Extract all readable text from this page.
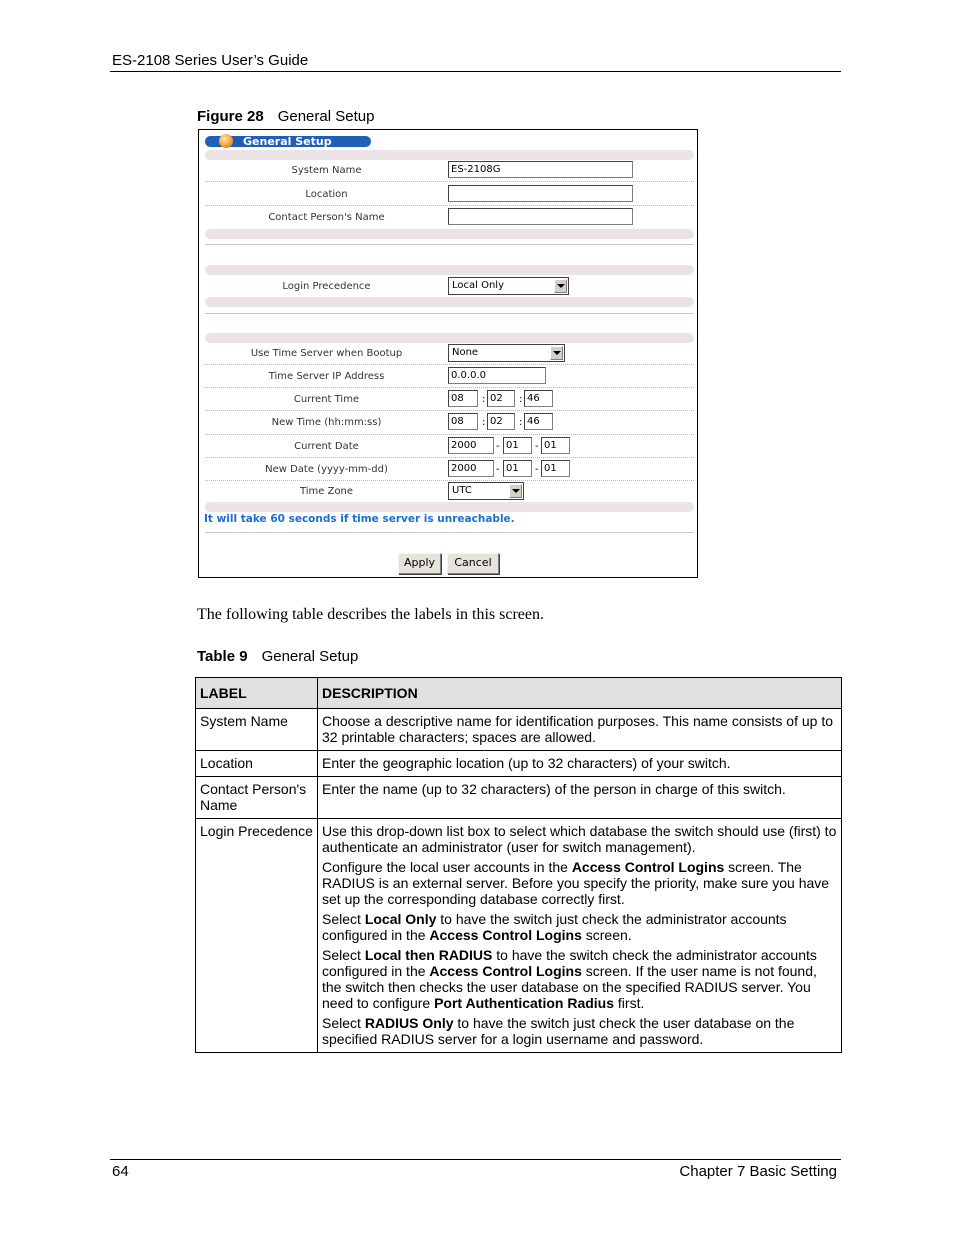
ES-2108 Series User’s Guide
64	Chapter 7 Basic Setting
Figure 28 General Setup
General Setup
System Name	ES-2108G
Location
Contact Person's Name
Login Precedence	Local Only
Use Time Server when Bootup	None
Time Server IP Address	0.0.0.0
Current Time	08	: 02	: 46
New Time (hh:mm:ss)	08	: 02	: 46
Current Date	2000	- 01	- 01
New Date (yyyy-mm-dd)	2000	- 01	- 01
Time Zone	UTC
It will take 60 seconds if time server is unreachable.
Apply	Cancel
The following table describes the labels in this screen.
Table 9 General Setup
LABEL	DESCRIPTION
System Name	Choose a descriptive name for identification purposes. This name consists of up to 32 printable characters; spaces are allowed.
Location	Enter the geographic location (up to 32 characters) of your switch.
Contact Person's Name	Enter the name (up to 32 characters) of the person in charge of this switch.
Login Precedence	Use this drop-down list box to select which database the switch should use (first) to authenticate an administrator (user for switch management).

Configure the local user accounts in the Access Control Logins screen. The RADIUS is an external server. Before you specify the priority, make sure you have set up the corresponding database correctly first.

Select Local Only to have the switch just check the administrator accounts configured in the Access Control Logins screen.

Select Local then RADIUS to have the switch check the administrator accounts configured in the Access Control Logins screen. If the user name is not found, the switch then checks the user database on the specified RADIUS server. You need to configure Port Authentication Radius first.

Select RADIUS Only to have the switch just check the user database on the specified RADIUS server for a login username and password.
